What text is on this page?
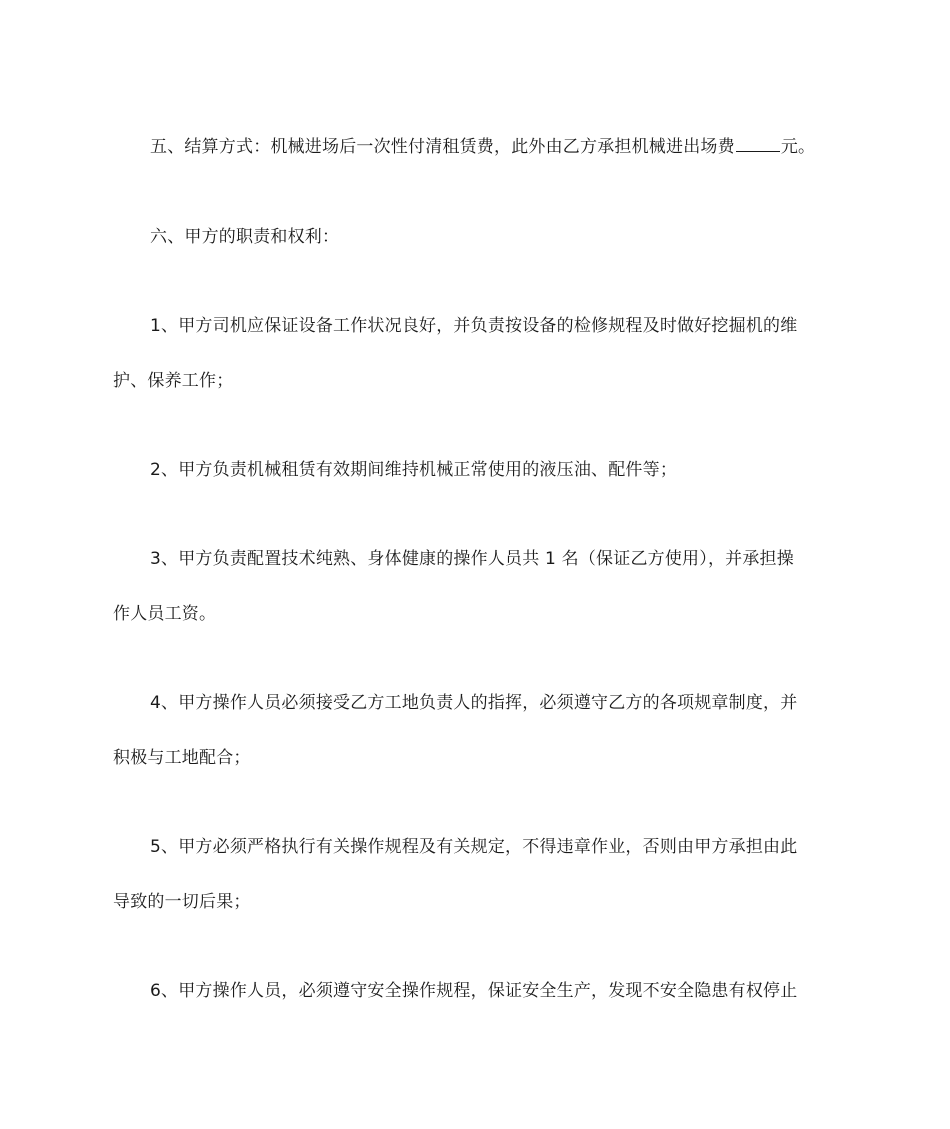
五、结算方式：机械进场后一次性付清租赁费，此外由乙方承担机械进出场费	元。
六、甲方的职责和权利：
1、甲方司机应保证设备工作状况良好，并负责按设备的检修规程及时做好挖掘机的维
护、保养工作；
2、甲方负责机械租赁有效期间维持机械正常使用的液压油、配件等；
3、甲方负责配置技术纯熟、身体健康的操作人员共 1 名（保证乙方使用），并承担操
作人员工资。
4、甲方操作人员必须接受乙方工地负责人的指挥，必须遵守乙方的各项规章制度，并
积极与工地配合；
5、甲方必须严格执行有关操作规程及有关规定，不得违章作业，否则由甲方承担由此
导致的一切后果；
6、甲方操作人员，必须遵守安全操作规程，保证安全生产，发现不安全隐患有权停止
